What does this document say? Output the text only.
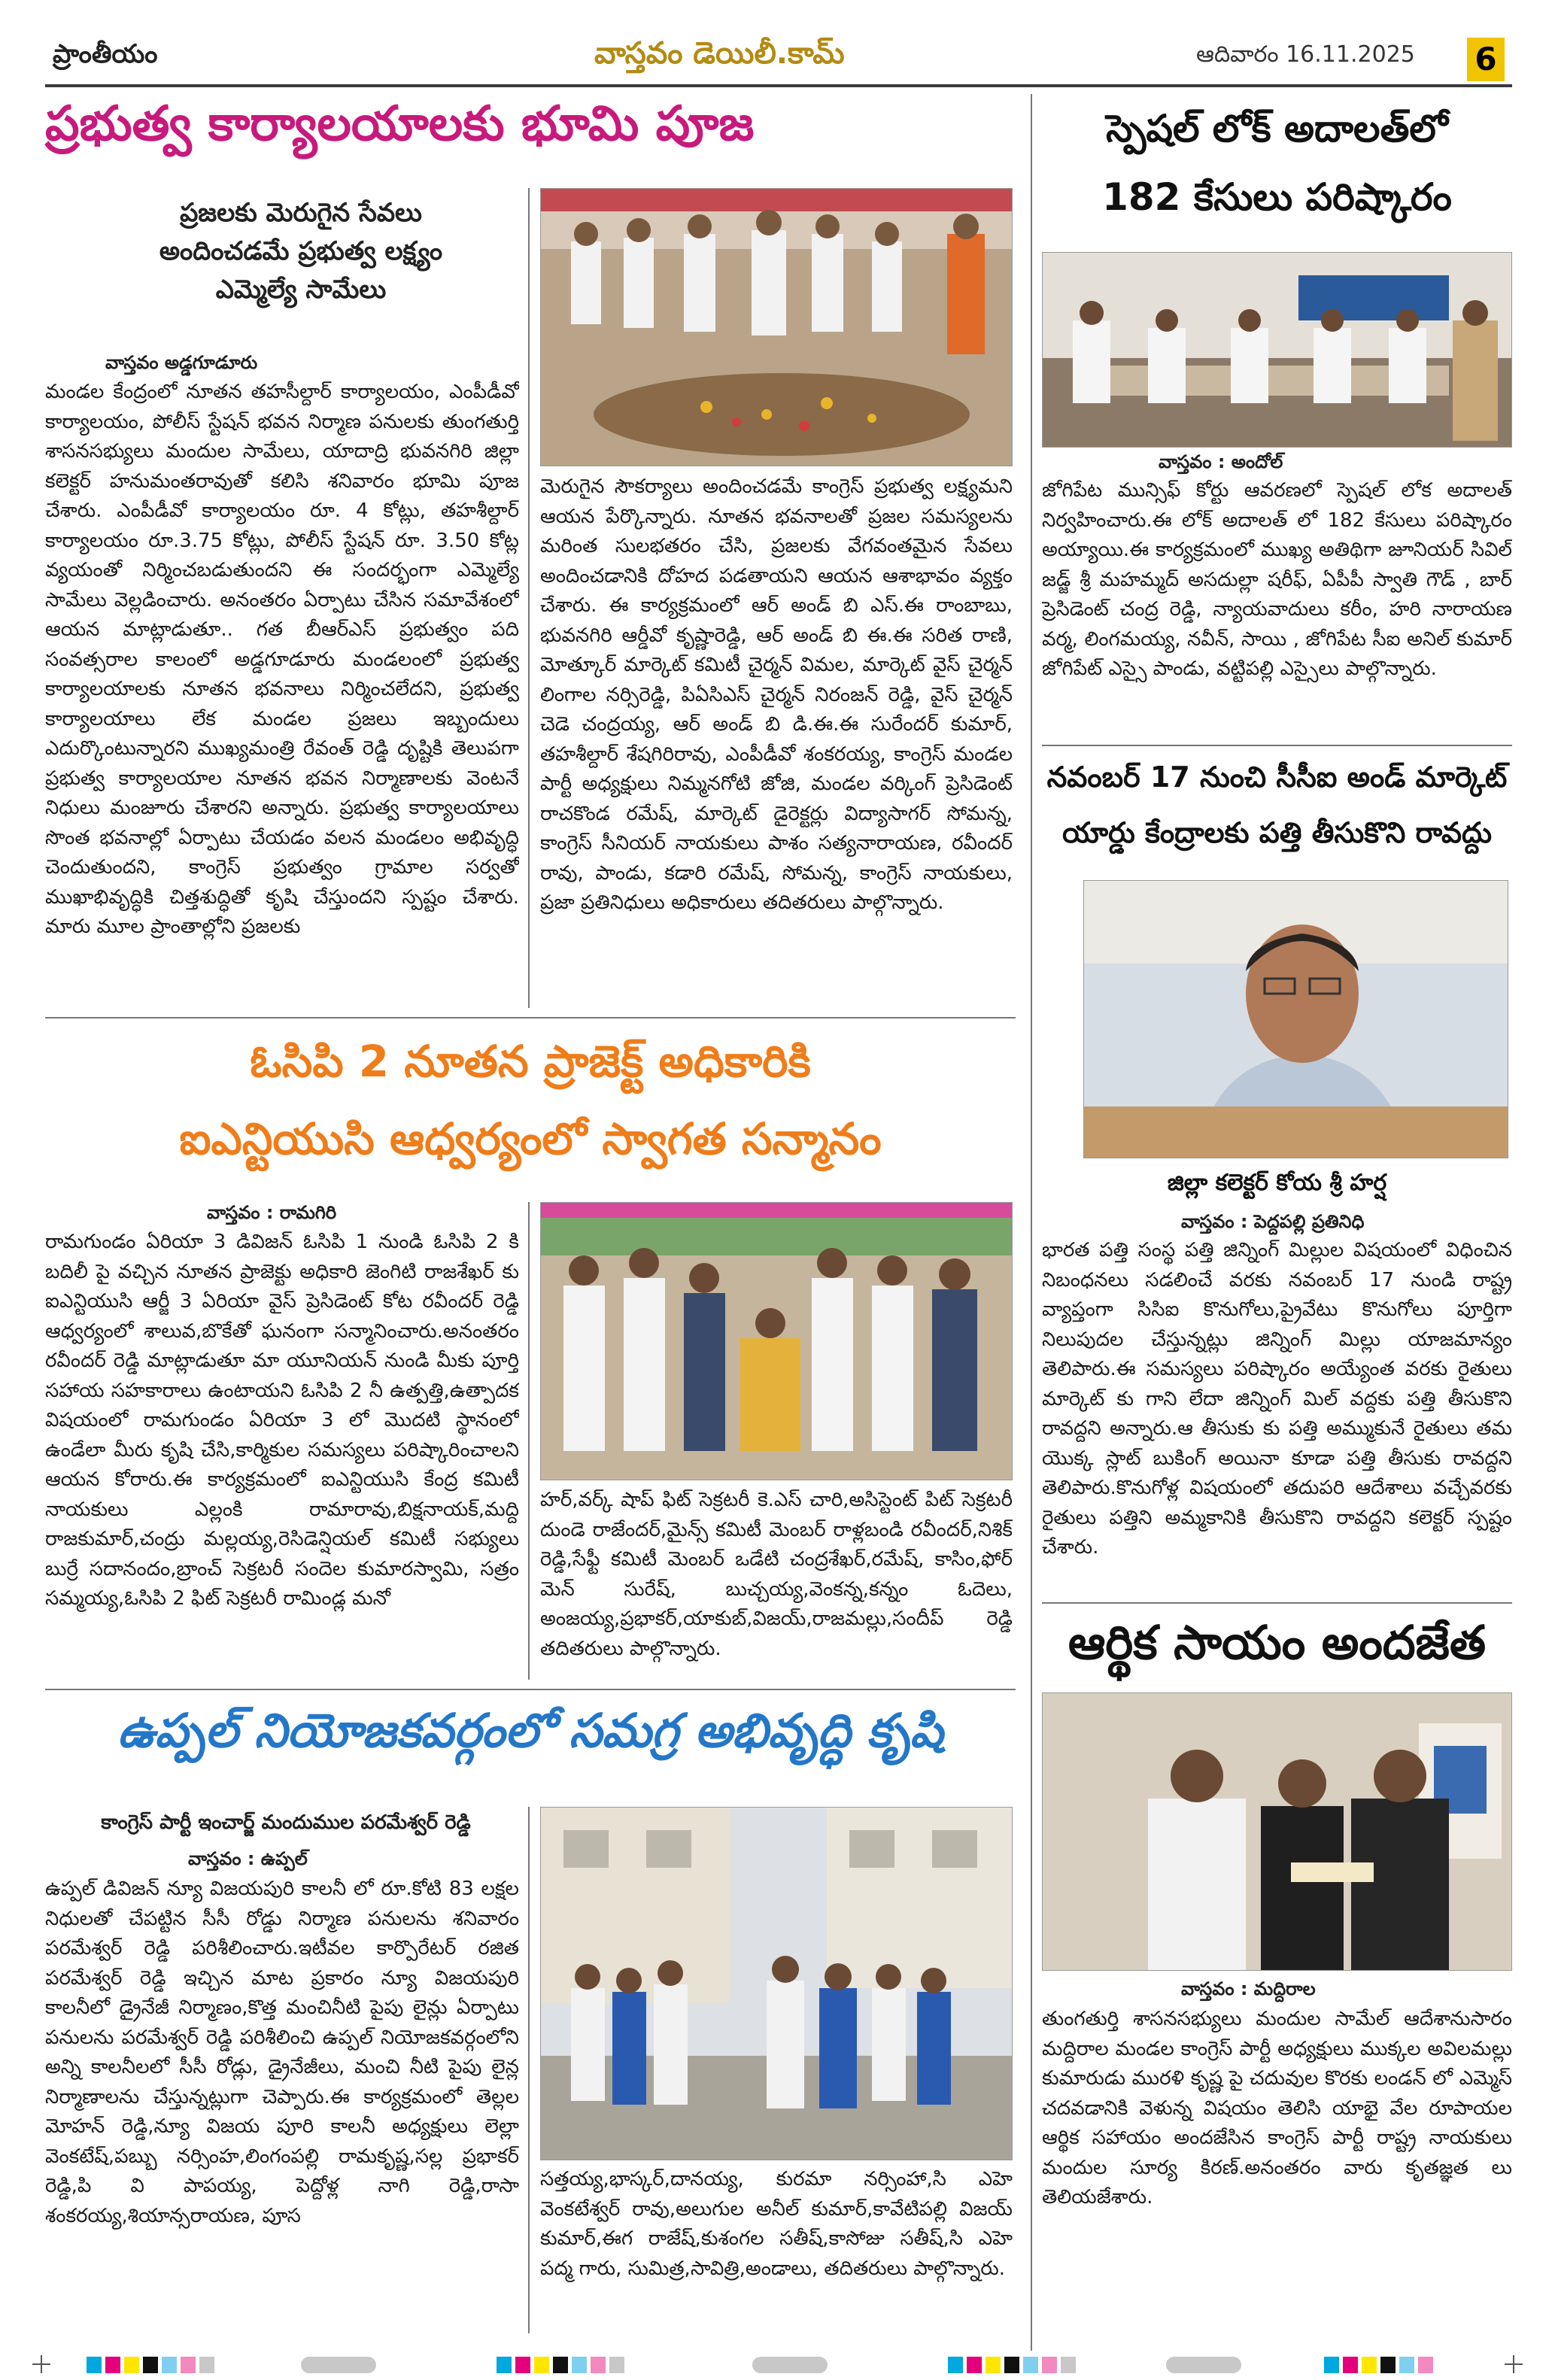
ప్రాంతీయం	వాస్తవం డెయిలీ.కామ్	ఆదివారం 16.11.2025 6
ప్రభుత్వ కార్యాలయాలకు భూమి పూజ
ప్రజలకు మెరుగైన సేవలు
అందించడమే ప్రభుత్వ లక్ష్యం
ఎమ్మెల్యే సామేలు
వాస్తవం అడ్డగూడూరు
మండల కేంద్రంలో నూతన తహసీల్దార్ కార్యాలయం, ఎంపీడీవో కార్యాలయం, పోలీస్ స్టేషన్ భవన నిర్మాణ పనులకు తుంగతుర్తి శాసనసభ్యులు మందుల సామేలు, యాదాద్రి భువనగిరి జిల్లా కలెక్టర్ హనుమంతరావుతో కలిసి శనివారం భూమి పూజ చేశారు. ఎంపీడీవో కార్యాలయం రూ. 4 కోట్లు, తహశీల్దార్ కార్యాలయం రూ.3.75 కోట్లు, పోలీస్ స్టేషన్ రూ. 3.50 కోట్ల వ్యయంతో నిర్మించబడుతుందని ఈ సందర్భంగా ఎమ్మెల్యే సామేలు వెల్లడించారు. అనంతరం ఏర్పాటు చేసిన సమావేశంలో ఆయన మాట్లాడుతూ.. గత బీఆర్ఎస్ ప్రభుత్వం పది సంవత్సరాల కాలంలో అడ్డగూడూరు మండలంలో ప్రభుత్వ కార్యాలయాలకు నూతన భవనాలు నిర్మించలేదని, ప్రభుత్వ కార్యాలయాలు లేక మండల ప్రజలు ఇబ్బందులు ఎదుర్కొంటున్నారని ముఖ్యమంత్రి రేవంత్ రెడ్డి దృష్టికి తెలుపగా ప్రభుత్వ కార్యాలయాల నూతన భవన నిర్మాణాలకు వెంటనే నిధులు మంజూరు చేశారని అన్నారు. ప్రభుత్వ కార్యాలయాలు సొంత భవనాల్లో ఏర్పాటు చేయడం వలన మండలం అభివృద్ధి చెందుతుందని, కాంగ్రెస్ ప్రభుత్వం గ్రామాల సర్వతో ముఖాభివృద్ధికి చిత్తశుద్ధితో కృషి చేస్తుందని స్పష్టం చేశారు. మారు మూల ప్రాంతాల్లోని ప్రజలకు
మెరుగైన సౌకర్యాలు అందించడమే కాంగ్రెస్ ప్రభుత్వ లక్ష్యమని ఆయన పేర్కొన్నారు. నూతన భవనాలతో ప్రజల సమస్యలను మరింత సులభతరం చేసి, ప్రజలకు వేగవంతమైన సేవలు అందించడానికి దోహద పడతాయని ఆయన ఆశాభావం వ్యక్తం చేశారు. ఈ కార్యక్రమంలో ఆర్ అండ్ బి ఎస్.ఈ రాంబాబు, భువనగిరి ఆర్డీవో కృష్ణారెడ్డి, ఆర్ అండ్ బి ఈ.ఈ సరిత రాణి, మోత్కూర్ మార్కెట్ కమిటీ చైర్మన్ విమల, మార్కెట్ వైస్ చైర్మన్ లింగాల నర్సిరెడ్డి, పిఏసిఎస్ చైర్మన్ నిరంజన్ రెడ్డి, వైస్ చైర్మన్ చెడె చంద్రయ్య, ఆర్ అండ్ బి డి.ఈ.ఈ సురేందర్ కుమార్, తహశీల్దార్ శేషగిరిరావు, ఎంపీడీవో శంకరయ్య, కాంగ్రెస్ మండల పార్టీ అధ్యక్షులు నిమ్మనగోటి జోజి, మండల వర్కింగ్ ప్రెసిడెంట్ రాచకొండ రమేష్, మార్కెట్ డైరెక్టర్లు విద్యాసాగర్ సోమన్న, కాంగ్రెస్ సీనియర్ నాయకులు పాశం సత్యనారాయణ, రవీందర్ రావు, పాండు, కడారి రమేష్, సోమన్న, కాంగ్రెస్ నాయకులు, ప్రజా ప్రతినిధులు అధికారులు తదితరులు పాల్గొన్నారు.
స్పెషల్ లోక్ అదాలత్‌లో
182 కేసులు పరిష్కారం
వాస్తవం : అందోల్
జోగిపేట మున్సిఫ్ కోర్టు ఆవరణలో స్పెషల్ లోక అదాలత్ నిర్వహించారు.ఈ లోక్ అదాలత్ లో 182 కేసులు పరిష్కారం అయ్యాయి.ఈ కార్యక్రమంలో ముఖ్య అతిథిగా జూనియర్ సివిల్ జడ్జ్ శ్రీ మహమ్మద్ అసదుల్లా షరీఫ్, ఏపీపీ స్వాతి గౌడ్ , బార్ ప్రెసిడెంట్ చంద్ర రెడ్డి, న్యాయవాదులు కరీం, హరి నారాయణ వర్మ, లింగమయ్య, నవీన్, సాయి , జోగిపేట సీఐ అనిల్ కుమార్ జోగిపేట్ ఎస్సై పాండు, వట్టిపల్లి ఎస్సైలు పాల్గొన్నారు.
నవంబర్ 17 నుంచి సీసీఐ అండ్ మార్కెట్
యార్డు కేంద్రాలకు పత్తి తీసుకొని రావద్దు
జిల్లా కలెక్టర్ కోయ శ్రీ హర్ష
వాస్తవం : పెద్దపల్లి ప్రతినిధి
భారత పత్తి సంస్థ పత్తి జిన్నింగ్ మిల్లుల విషయంలో విధించిన నిబంధనలు సడలించే వరకు నవంబర్ 17 నుండి రాష్ట్ర వ్యాప్తంగా సిసిఐ కొనుగోలు,ప్రైవేటు కొనుగోలు పూర్తిగా నిలుపుదల చేస్తున్నట్లు జిన్నింగ్ మిల్లు యాజమాన్యం తెలిపారు.ఈ సమస్యలు పరిష్కారం అయ్యేంత వరకు రైతులు మార్కెట్ కు గాని లేదా జిన్నింగ్ మిల్ వద్దకు పత్తి తీసుకొని రావద్దని అన్నారు.ఆ తీసుకు కు పత్తి అమ్ముకునే రైతులు తమ యొక్క స్లాట్ బుకింగ్ అయినా కూడా పత్తి తీసుకు రావద్దని తెలిపారు.కొనుగోళ్ల విషయంలో తదుపరి ఆదేశాలు వచ్చేవరకు రైతులు పత్తిని అమ్మకానికి తీసుకొని రావద్దని కలెక్టర్ స్పష్టం చేశారు.
ఆర్థిక సాయం అందజేత
వాస్తవం : మద్దిరాల
తుంగతుర్తి శాసనసభ్యులు మందుల సామేల్ ఆదేశానుసారం మద్దిరాల మండల కాంగ్రెస్ పార్టీ అధ్యక్షులు ముక్కల అవిలమల్లు కుమారుడు మురళి కృష్ణ పై చదువుల కొరకు లండన్ లో ఎమ్మెస్ చదవడానికి వెళున్న విషయం తెలిసి యాభై వేల రూపాయల ఆర్థిక సహాయం అందజేసిన కాంగ్రెస్ పార్టీ రాష్ట్ర నాయకులు మందుల సూర్య కిరణ్.అనంతరం వారు కృతజ్ఞత లు తెలియజేశారు.
ఓసిపి 2 నూతన ప్రాజెక్ట్ అధికారికి
ఐఎన్టియుసి ఆధ్వర్యంలో స్వాగత సన్మానం
వాస్తవం : రామగిరి
రామగుండం ఏరియా 3 డివిజన్ ఓసిపి 1 నుండి ఓసిపి 2 కి బదిలీ పై వచ్చిన నూతన ప్రాజెక్టు అధికారి జెంగిటి రాజశేఖర్ కు ఐఎన్టియుసి ఆర్జీ 3 ఏరియా వైస్ ప్రెసిడెంట్ కోట రవీందర్ రెడ్డి ఆధ్వర్యంలో శాలువ,బొకేతో ఘనంగా సన్మానించారు.అనంతరం రవీందర్ రెడ్డి మాట్లాడుతూ మా యూనియన్ నుండి మీకు పూర్తి సహాయ సహకారాలు ఉంటాయని ఓసిపి 2 నీ ఉత్పత్తి,ఉత్పాదక విషయంలో రామగుండం ఏరియా 3 లో మొదటి స్థానంలో ఉండేలా మీరు కృషి చేసి,కార్మికుల సమస్యలు పరిష్కారించాలని ఆయన కోరారు.ఈ కార్యక్రమంలో ఐఎన్టియుసి కేంద్ర కమిటీ నాయకులు ఎల్లంకి రామారావు,బిక్షనాయక్,మద్ది రాజకుమార్,చంద్రు మల్లయ్య,రెసిడెన్షియల్ కమిటీ సభ్యులు బుర్రే సదానందం,బ్రాంచ్ సెక్రటరీ సందెల కుమారస్వామి, సత్రం సమ్మయ్య,ఓసిపి 2 ఫిట్ సెక్రటరీ రామిండ్ల మనో
హర్,వర్క్ షాప్ ఫిట్ సెక్రటరీ కె.ఎస్ చారి,అసిస్టెంట్ పిట్ సెక్రటరీ దుండె రాజేందర్,మైన్స్ కమిటీ మెంబర్ రాళ్లబండి రవీందర్,నిశిక్ రెడ్డి,సేఫ్టీ కమిటీ మెంబర్ ఒడేటి చంద్రశేఖర్,రమేష్, కాసిం,ఫోర్ మెన్ సురేష్, బుచ్చయ్య,వెంకన్న,కన్నం ఓదెలు, అంజయ్య,ప్రభాకర్,యాకుబ్,విజయ్,రాజమల్లు,సందీప్ రెడ్డి తదితరులు పాల్గొన్నారు.
ఉప్పల్ నియోజకవర్గంలో సమగ్ర అభివృద్ధి కృషి
కాంగ్రెస్ పార్టీ ఇంచార్జ్ మందుముల పరమేశ్వర్ రెడ్డి
వాస్తవం : ఉప్పల్
ఉప్పల్ డివిజన్ న్యూ విజయపురి కాలనీ లో రూ.కోటి 83 లక్షల నిధులతో చేపట్టిన సీసీ రోడ్డు నిర్మాణ పనులను శనివారం పరమేశ్వర్ రెడ్డి పరిశీలించారు.ఇటీవల కార్పొరేటర్ రజిత పరమేశ్వర్ రెడ్డి ఇచ్చిన మాట ప్రకారం న్యూ విజయపురి కాలనీలో డ్రైనేజీ నిర్మాణం,కొత్త మంచినీటి పైపు లైన్లు ఏర్పాటు పనులను పరమేశ్వర్ రెడ్డి పరిశీలించి ఉప్పల్ నియోజకవర్గంలోని అన్ని కాలనీలలో సీసీ రోడ్లు, డ్రైనేజీలు, మంచి నీటి పైపు లైన్ల నిర్మాణాలను చేస్తున్నట్లుగా చెప్పారు.ఈ కార్యక్రమంలో తెల్లల మోహన్ రెడ్డి,న్యూ విజయ పూరి కాలనీ అధ్యక్షులు లెల్లా వెంకటేష్,పబ్బు నర్సింహ,లింగంపల్లి రామకృష్ణ,సల్ల ప్రభాకర్ రెడ్డి,పి వి పాపయ్య, పెద్దోళ్ల నాగి రెడ్డి,రాసా శంకరయ్య,శియాన్సరాయణ, పూస
సత్తయ్య,భాస్కర్,దానయ్య, కురమా నర్సింహా,సి ఎహె వెంకటేశ్వర్ రావు,అలుగుల అనీల్ కుమార్,కావేటిపల్లి విజయ్ కుమార్,ఈగ రాజేష్,కుశంగల సతీష్,కాసోజు సతీష్,సి ఎహె పద్మ గారు, సుమిత్ర,సావిత్రి,అండాలు, తదితరులు పాల్గొన్నారు.
